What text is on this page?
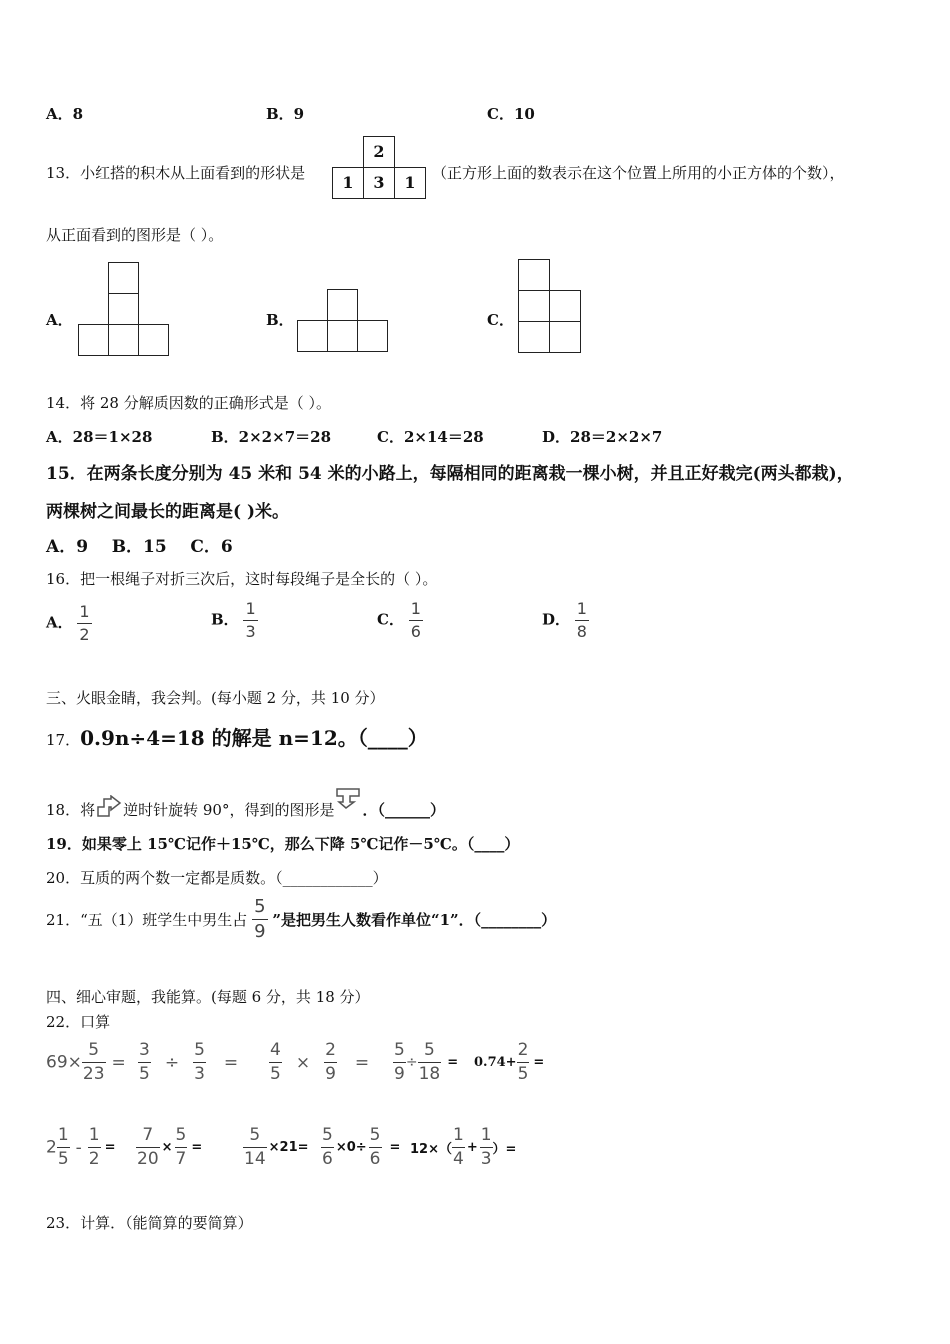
A．8	B．9	C．10
13．小红搭的积木从上面看到的形状是
2
1	3	1	（正方形上面的数表示在这个位置上所用的小正方体的个数），
从正面看到的图形是（ ）。
A．	B．	C．
14．将 28 分解质因数的正确形式是（ ）。
A．28＝1×28	B．2×2×7＝28	C．2×14＝28	D．28＝2×2×7
15．在两条长度分别为 45 米和 54 米的小路上，每隔相同的距离栽一棵小树，并且正好栽完(两头都栽)，
两棵树之间最长的距离是( )米。
A．9    B．15    C．6
16．把一根绳子对折三次后，这时每段绳子是全长的（ ）。
A． $\frac{1}{2}$	B． $\frac{1}{3}$	C． $\frac{1}{6}$	D． $\frac{1}{8}$
三、火眼金睛，我会判。(每小题 2 分，共 10 分）
17．0.9n÷4=18 的解是 n=12。（____）
18．将 逆时针旋转 90°，得到的图形是 ．（______）
19．如果零上 15℃记作＋15℃，那么下降 5℃记作－5℃。（____）
20．互质的两个数一定都是质数。（____________）
21．“五（1）班学生中男生占 $\frac{5}{9}$ ”是把男生人数看作单位“1”．（________）
四、细心审题，我能算。(每题 6 分，共 18 分）
22．口算
$69\times \frac{5}{23} = \frac{3}{5} \div \frac{5}{3} = \frac{4}{5} \times \frac{2}{9} = \frac{5}{9} \div \frac{5}{18} = 0.74+ \frac{2}{5}$ =
$2 \frac{1}{5} - \frac{1}{2} = \frac{7}{20} \times \frac{5}{7} = \frac{5}{14} \times 21= \frac{5}{6} \times 0\div \frac{5}{6} = 12\times( \frac{1}{4} + \frac{1}{3}$ ）=
23．计算．（能简算的要简算）
